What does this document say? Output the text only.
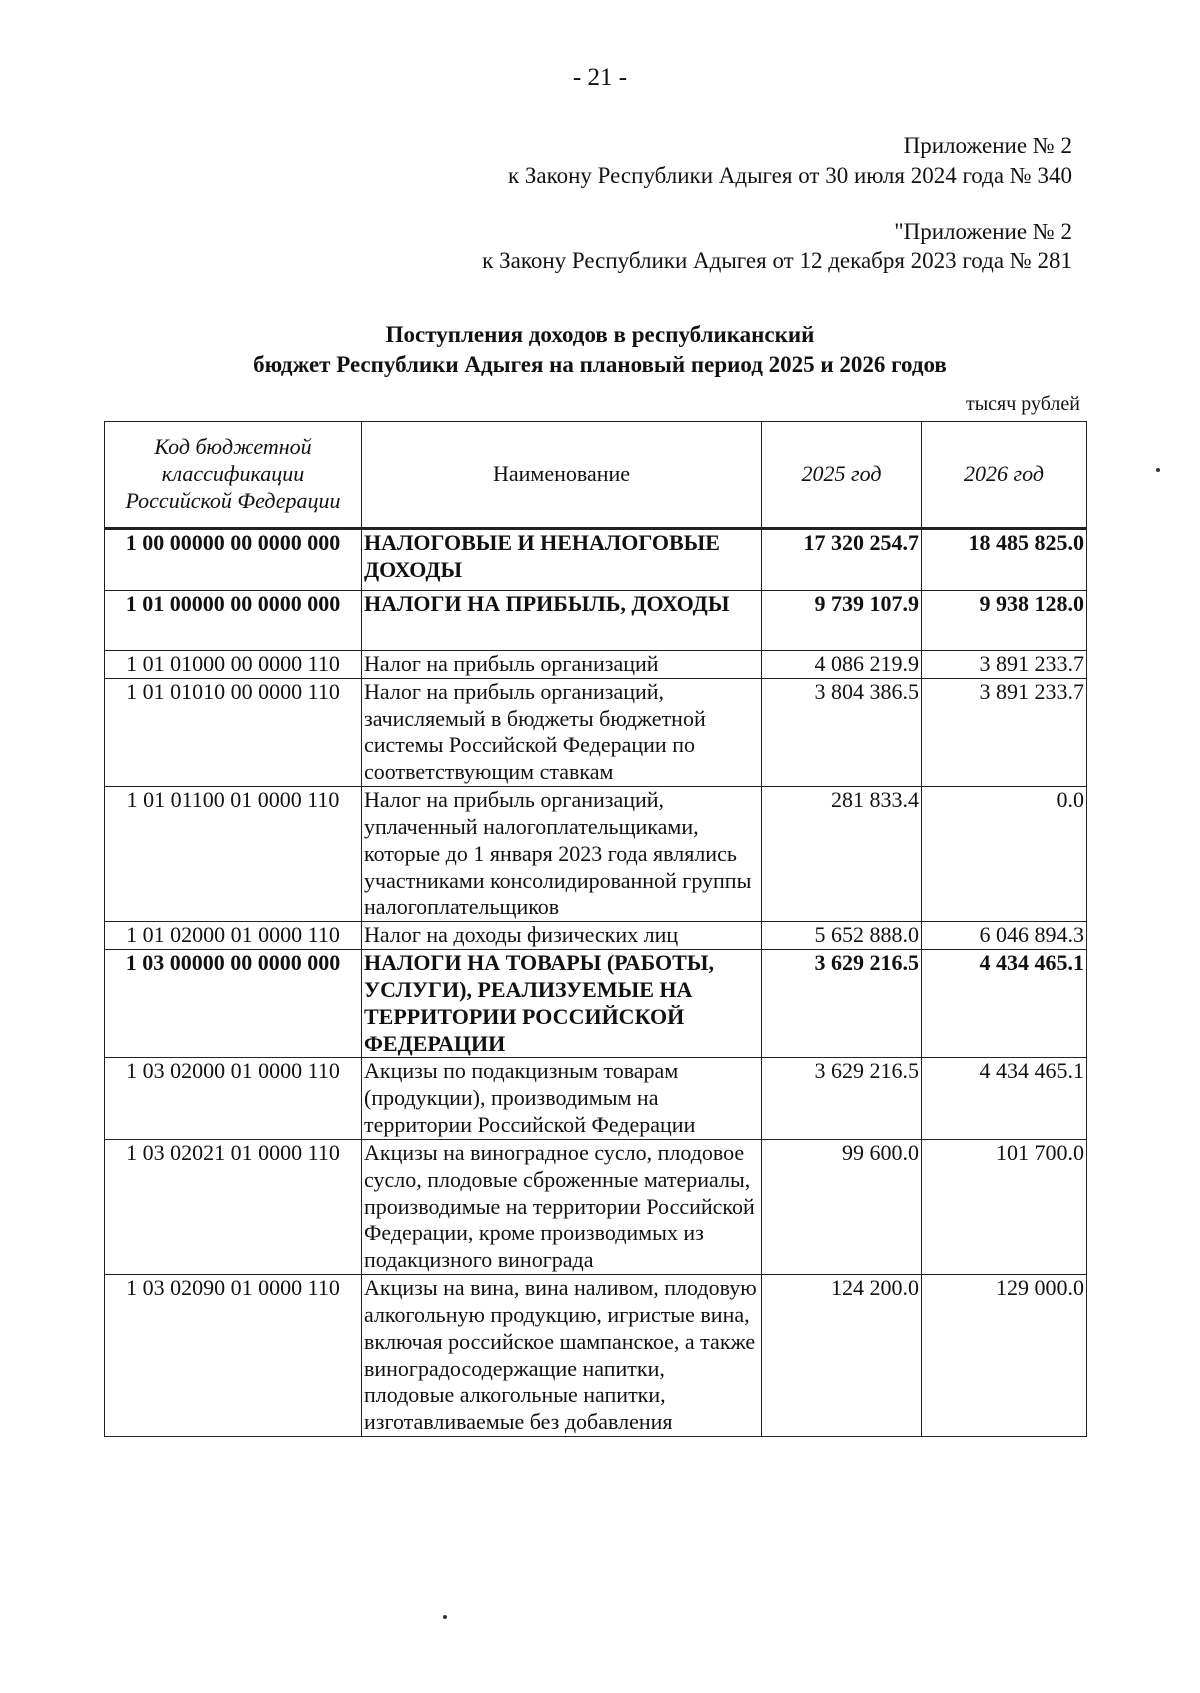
- 21 -
Приложение № 2
к Закону Республики Адыгея от 30 июля 2024 года № 340
"Приложение № 2
к Закону Республики Адыгея от 12 декабря 2023 года № 281
Поступления доходов в республиканский
бюджет Республики Адыгея на плановый период 2025 и 2026 годов
тысяч рублей
Код бюджетной классификации Российской Федерации	Наименование	2025 год	2026 год
1 00 00000 00 0000 000	НАЛОГОВЫЕ И НЕНАЛОГОВЫЕ ДОХОДЫ	17 320 254.7	18 485 825.0
1 01 00000 00 0000 000	НАЛОГИ НА ПРИБЫЛЬ, ДОХОДЫ	9 739 107.9	9 938 128.0
1 01 01000 00 0000 110	Налог на прибыль организаций	4 086 219.9	3 891 233.7
1 01 01010 00 0000 110	Налог на прибыль организаций, зачисляемый в бюджеты бюджетной системы Российской Федерации по соответствующим ставкам	3 804 386.5	3 891 233.7
1 01 01100 01 0000 110	Налог на прибыль организаций, уплаченный налогоплательщиками, которые до 1 января 2023 года являлись участниками консолидированной группы налогоплательщиков	281 833.4	0.0
1 01 02000 01 0000 110	Налог на доходы физических лиц	5 652 888.0	6 046 894.3
1 03 00000 00 0000 000	НАЛОГИ НА ТОВАРЫ (РАБОТЫ, УСЛУГИ), РЕАЛИЗУЕМЫЕ НА ТЕРРИТОРИИ РОССИЙСКОЙ ФЕДЕРАЦИИ	3 629 216.5	4 434 465.1
1 03 02000 01 0000 110	Акцизы по подакцизным товарам (продукции), производимым на территории Российской Федерации	3 629 216.5	4 434 465.1
1 03 02021 01 0000 110	Акцизы на виноградное сусло, плодовое сусло, плодовые сброженные материалы, производимые на территории Российской Федерации, кроме производимых из подакцизного винограда	99 600.0	101 700.0
1 03 02090 01 0000 110	Акцизы на вина, вина наливом, плодовую алкогольную продукцию, игристые вина, включая российское шампанское, а также виноградосодержащие напитки, плодовые алкогольные напитки, изготавливаемые без добавления	124 200.0	129 000.0
